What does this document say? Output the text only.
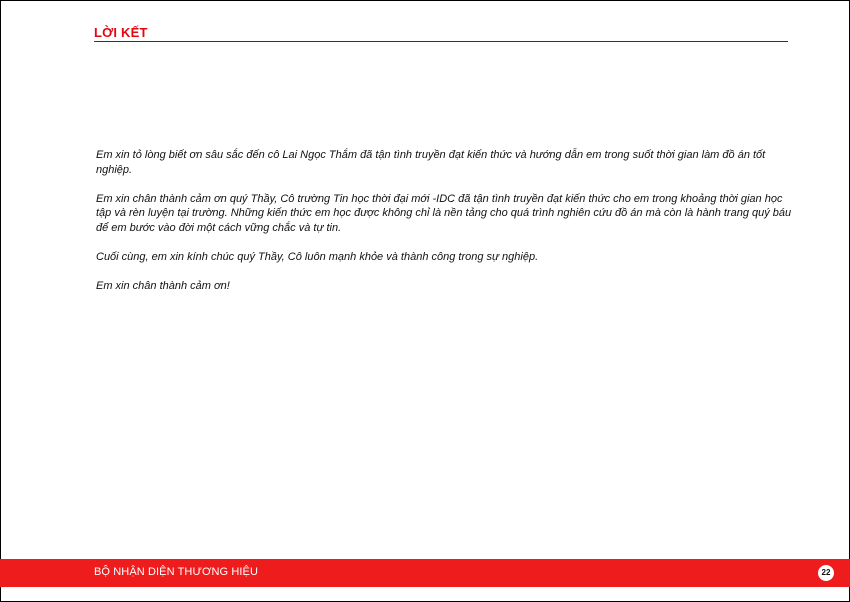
LỜI KẾT

Em xin tỏ lòng biết ơn sâu sắc đến cô Lai Ngọc Thắm đã tận tình truyền đạt kiến thức và hướng dẫn em trong suốt thời gian làm đồ án tốt nghiệp.

Em xin chân thành cảm ơn quý Thầy, Cô trường Tin học thời đại mới -IDC đã tận tình truyền đạt kiến thức cho em trong khoảng thời gian học tập và rèn luyện tại trường. Những kiến thức em học được không chỉ là nền tảng cho quá trình nghiên cứu đồ án mà còn là hành trang quý báu để em bước vào đời một cách vững chắc và tự tin.

Cuối cùng, em xin kính chúc quý Thầy, Cô luôn mạnh khỏe và thành công trong sự nghiệp.

Em xin chân thành cảm ơn!

BỘ NHẬN DIỆN THƯƠNG HIỆU	22
